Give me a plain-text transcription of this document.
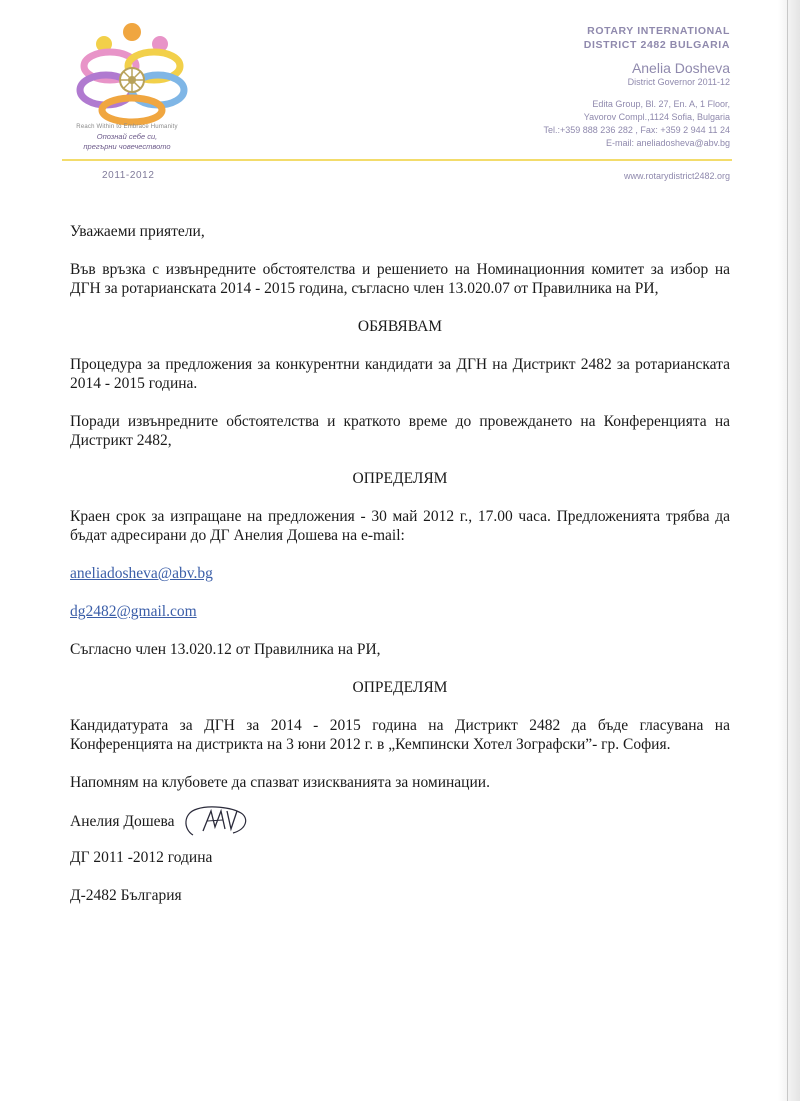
Reach Within to Embrace Humanity
Опознай себе си,
прегърни човечеството
ROTARY INTERNATIONAL
DISTRICT 2482 BULGARIA
Anelia Dosheva
District Governor 2011-12
Edita Group, Bl. 27, En. A, 1 Floor,
Yavorov Compl.,1124 Sofia, Bulgaria
Tel.:+359 888 236 282 , Fax: +359 2 944 11 24
E-mail: aneliadosheva@abv.bg
2011-2012	www.rotarydistrict2482.org
Уважаеми приятели,
Във връзка с извънредните обстоятелства и решението на Номинационния комитет за избор на ДГН за ротарианската 2014 - 2015 година, съгласно член 13.020.07 от Правилника на РИ,
ОБЯВЯВАМ
Процедура за предложения за конкурентни кандидати за ДГН на Дистрикт 2482 за ротарианската 2014 - 2015 година.
Поради извънредните обстоятелства и краткото време до провеждането на Конференцията на Дистрикт 2482,
ОПРЕДЕЛЯМ
Краен срок за изпращане на предложения - 30 май 2012 г., 17.00 часа. Предложенията трябва да бъдат адресирани до ДГ Анелия Дошева на e-mail:
aneliadosheva@abv.bg
dg2482@gmail.com
Съгласно член 13.020.12 от Правилника на РИ,
ОПРЕДЕЛЯМ
Кандидатурата за ДГН за 2014 - 2015 година на Дистрикт 2482 да бъде гласувана на Конференцията на дистрикта на 3 юни 2012 г. в „Кемпински Хотел Зографски”- гр. София.
Напомням на клубовете да спазват изискванията за номинации.
Анелия Дошева
ДГ 2011 -2012 година
Д-2482 България
